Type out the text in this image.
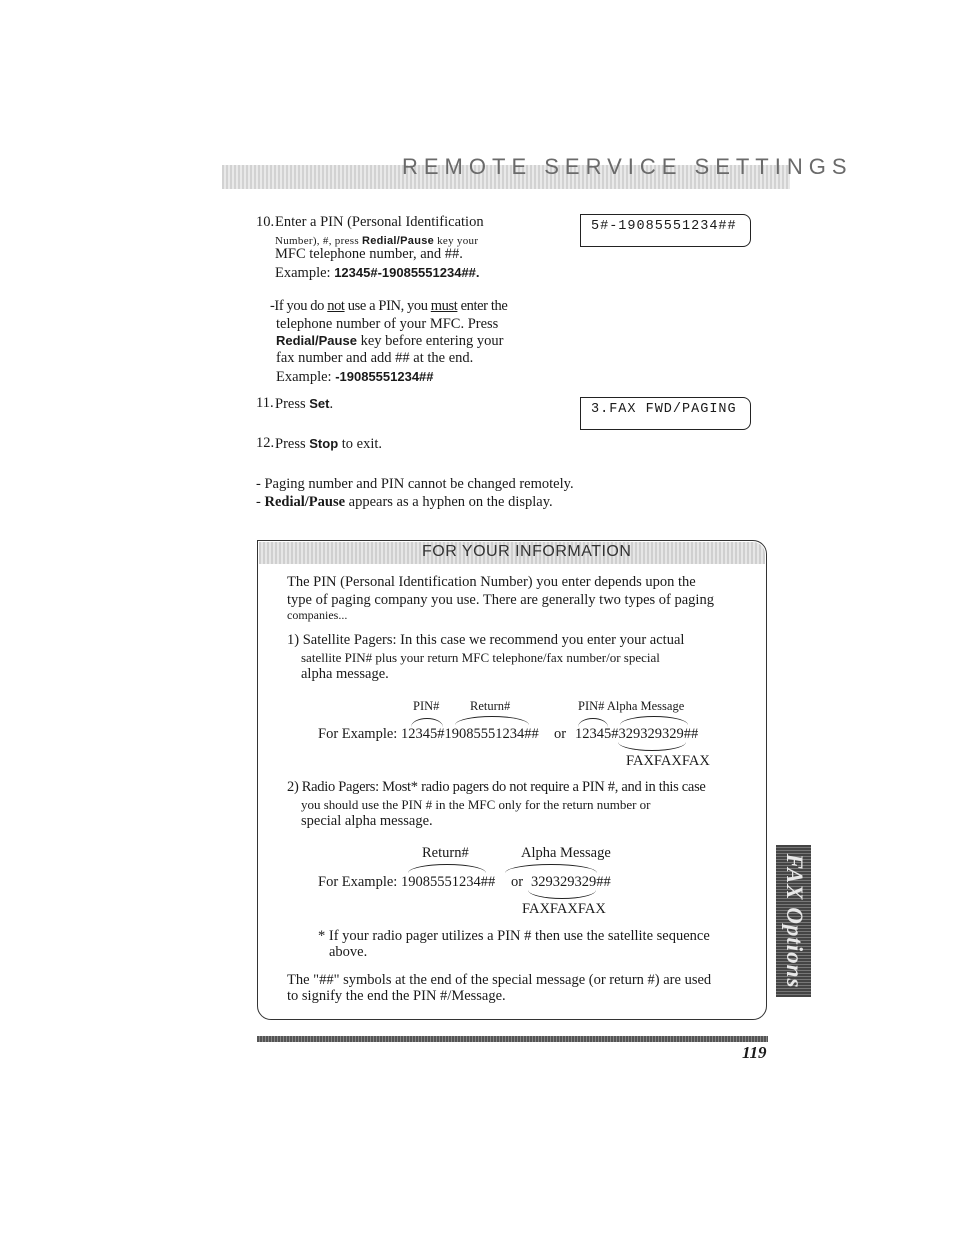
REMOTE SERVICE SETTINGS
10. Enter a PIN (Personal Identification
Number), #, press Redial/Pause key your
MFC telephone number, and ##.
Example: 12345#-19085551234##.
5#-19085551234##
-If you do not use a PIN, you must enter the
telephone number of your MFC. Press
Redial/Pause key before entering your
fax number and add ## at the end.
Example: -19085551234##
11. Press Set.	3.FAX FWD/PAGING
12. Press Stop to exit.
- Paging number and PIN cannot be changed remotely.
- Redial/Pause appears as a hyphen on the display.
FOR YOUR INFORMATION
The PIN (Personal Identification Number) you enter depends upon the
type of paging company you use. There are generally two types of paging
companies...
1) Satellite Pagers: In this case we recommend you enter your actual
satellite PIN# plus your return MFC telephone/fax number/or special
alpha message.
PIN# Return#	PIN# Alpha Message
For Example: 12345#19085551234## or 12345#329329329##
FAXFAXFAX
2) Radio Pagers: Most* radio pagers do not require a PIN #, and in this case
you should use the PIN # in the MFC only for the return number or
special alpha message.
Return#	Alpha Message
For Example: 19085551234## or 329329329##
FAXFAXFAX
* If your radio pager utilizes a PIN # then use the satellite sequence
above.
The "##" symbols at the end of the special message (or return #) are used
to signify the end the PIN #/Message.
119
FAX Options
